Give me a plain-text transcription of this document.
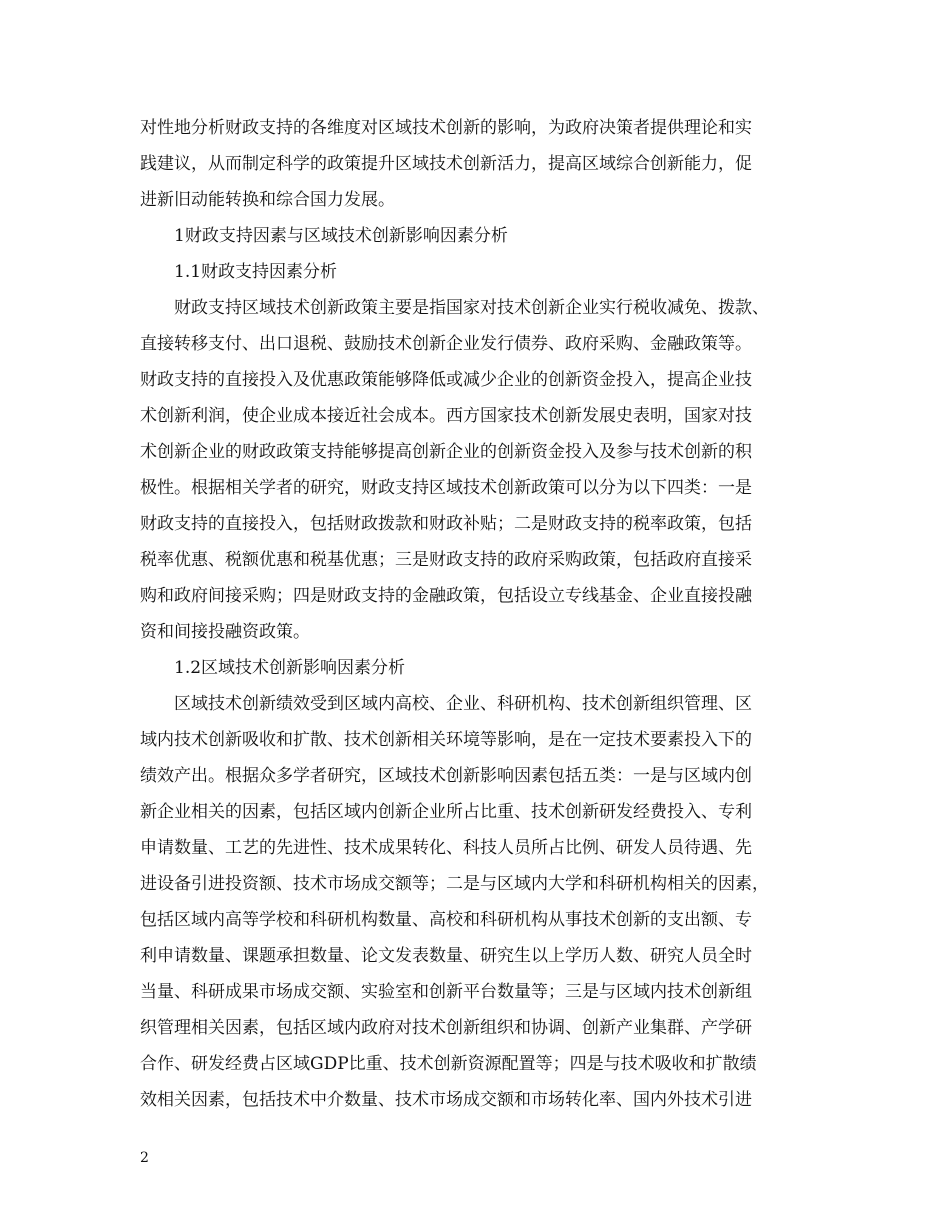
对性地分析财政支持的各维度对区域技术创新的影响，为政府决策者提供理论和实
践建议，从而制定科学的政策提升区域技术创新活力，提高区域综合创新能力，促
进新旧动能转换和综合国力发展。
1财政支持因素与区域技术创新影响因素分析
1.1财政支持因素分析
财政支持区域技术创新政策主要是指国家对技术创新企业实行税收减免、拨款、
直接转移支付、出口退税、鼓励技术创新企业发行债券、政府采购、金融政策等。
财政支持的直接投入及优惠政策能够降低或减少企业的创新资金投入，提高企业技
术创新利润，使企业成本接近社会成本。西方国家技术创新发展史表明，国家对技
术创新企业的财政政策支持能够提高创新企业的创新资金投入及参与技术创新的积
极性。根据相关学者的研究，财政支持区域技术创新政策可以分为以下四类：一是
财政支持的直接投入，包括财政拨款和财政补贴；二是财政支持的税率政策，包括
税率优惠、税额优惠和税基优惠；三是财政支持的政府采购政策，包括政府直接采
购和政府间接采购；四是财政支持的金融政策，包括设立专线基金、企业直接投融
资和间接投融资政策。
1.2区域技术创新影响因素分析
区域技术创新绩效受到区域内高校、企业、科研机构、技术创新组织管理、区
域内技术创新吸收和扩散、技术创新相关环境等影响，是在一定技术要素投入下的
绩效产出。根据众多学者研究，区域技术创新影响因素包括五类：一是与区域内创
新企业相关的因素，包括区域内创新企业所占比重、技术创新研发经费投入、专利
申请数量、工艺的先进性、技术成果转化、科技人员所占比例、研发人员待遇、先
进设备引进投资额、技术市场成交额等；二是与区域内大学和科研机构相关的因素，
包括区域内高等学校和科研机构数量、高校和科研机构从事技术创新的支出额、专
利申请数量、课题承担数量、论文发表数量、研究生以上学历人数、研究人员全时
当量、科研成果市场成交额、实验室和创新平台数量等；三是与区域内技术创新组
织管理相关因素，包括区域内政府对技术创新组织和协调、创新产业集群、产学研
合作、研发经费占区域GDP比重、技术创新资源配置等；四是与技术吸收和扩散绩
效相关因素，包括技术中介数量、技术市场成交额和市场转化率、国内外技术引进
2
